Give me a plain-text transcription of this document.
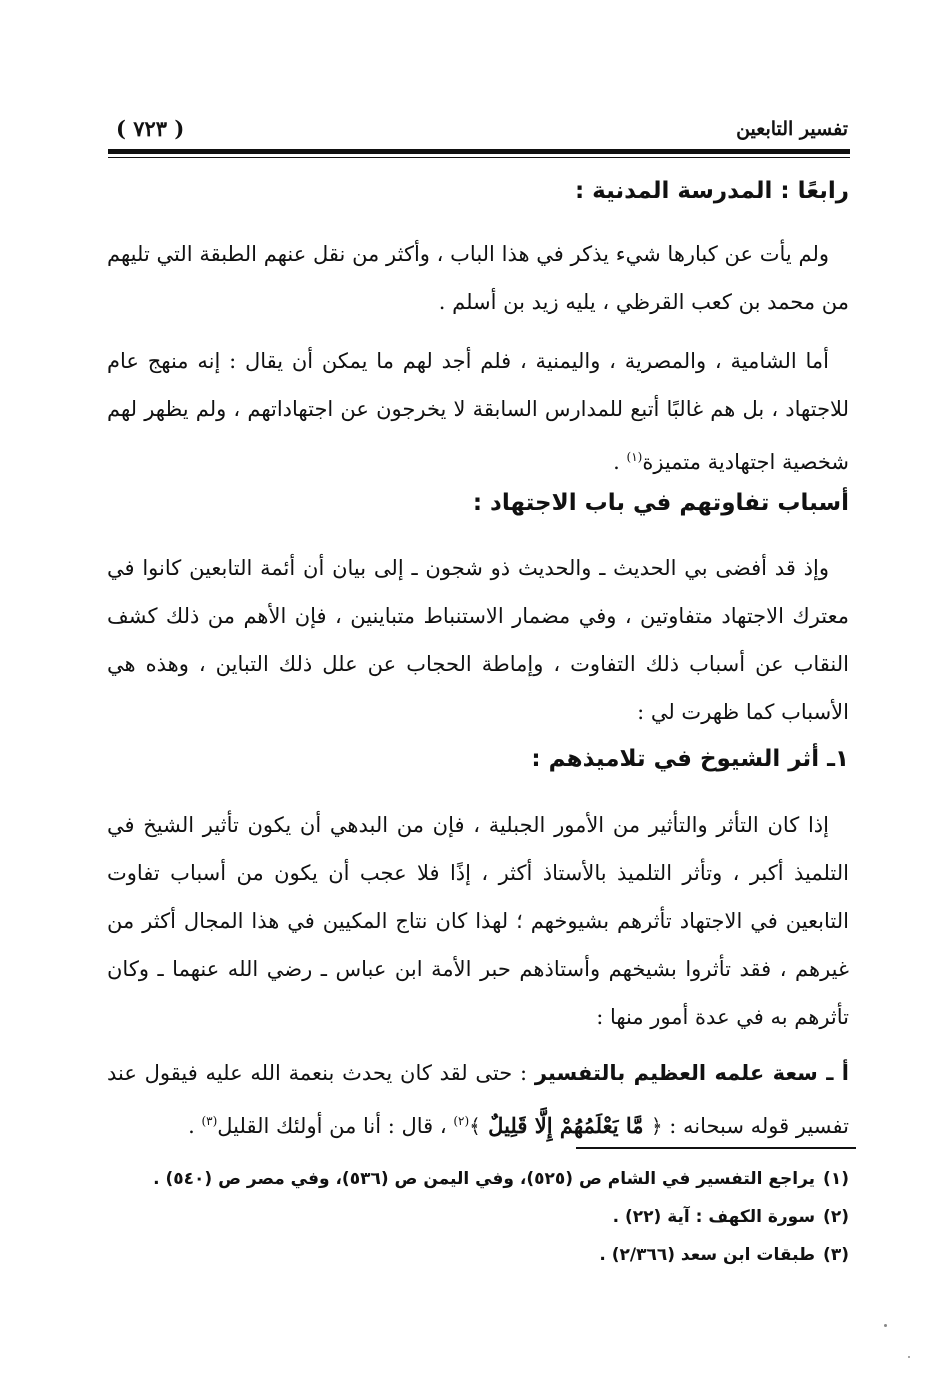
تفسير التابعين
( ٧٢٣ )
رابعًا : المدرسة المدنية :

ولم يأت عن كبارها شيء يذكر في هذا الباب ، وأكثر من نقل عنهم الطبقة التي تليهم من محمد بن كعب القرظي ، يليه زيد بن أسلم .

أما الشامية ، والمصرية ، واليمنية ، فلم أجد لهم ما يمكن أن يقال : إنه منهج عام للاجتهاد ، بل هم غالبًا أتبع للمدارس السابقة لا يخرجون عن اجتهاداتهم ، ولم يظهر لهم شخصية اجتهادية متميزة$^{(١)}$ .

أسباب تفاوتهم في باب الاجتهاد :

وإذ قد أفضى بي الحديث ـ والحديث ذو شجون ـ إلى بيان أن أئمة التابعين كانوا في معترك الاجتهاد متفاوتين ، وفي مضمار الاستنباط متباينين ، فإن الأهم من ذلك كشف النقاب عن أسباب ذلك التفاوت ، وإماطة الحجاب عن علل ذلك التباين ، وهذه هي الأسباب كما ظهرت لي :

١ـ أثر الشيوخ في تلاميذهم :

إذا كان التأثر والتأثير من الأمور الجبلية ، فإن من البدهي أن يكون تأثير الشيخ في التلميذ أكبر ، وتأثر التلميذ بالأستاذ أكثر ، إذًا فلا عجب أن يكون من أسباب تفاوت التابعين في الاجتهاد تأثرهم بشيوخهم ؛ لهذا كان نتاج المكيين في هذا المجال أكثر من غيرهم ، فقد تأثروا بشيخهم وأستاذهم حبر الأمة ابن عباس ـ رضي الله عنهما ـ وكان تأثرهم به في عدة أمور منها :

أ ـ سعة علمه العظيم بالتفسير : حتى لقد كان يحدث بنعمة الله عليه فيقول عند تفسير قوله سبحانه : ﴿ مَّا يَعْلَمُهُمْ إِلَّا قَلِيلٌ ﴾$^{(٢)}$ ، قال : أنا من أولئك القليل$^{(٣)}$ .

(١)يراجع التفسير في الشام ص (٥٢٥)، وفي اليمن ص (٥٣٦)، وفي مصر ص (٥٤٠) .
(٢)سورة الكهف : آية (٢٢) .
(٣)طبقات ابن سعد (٢/٣٦٦) .
